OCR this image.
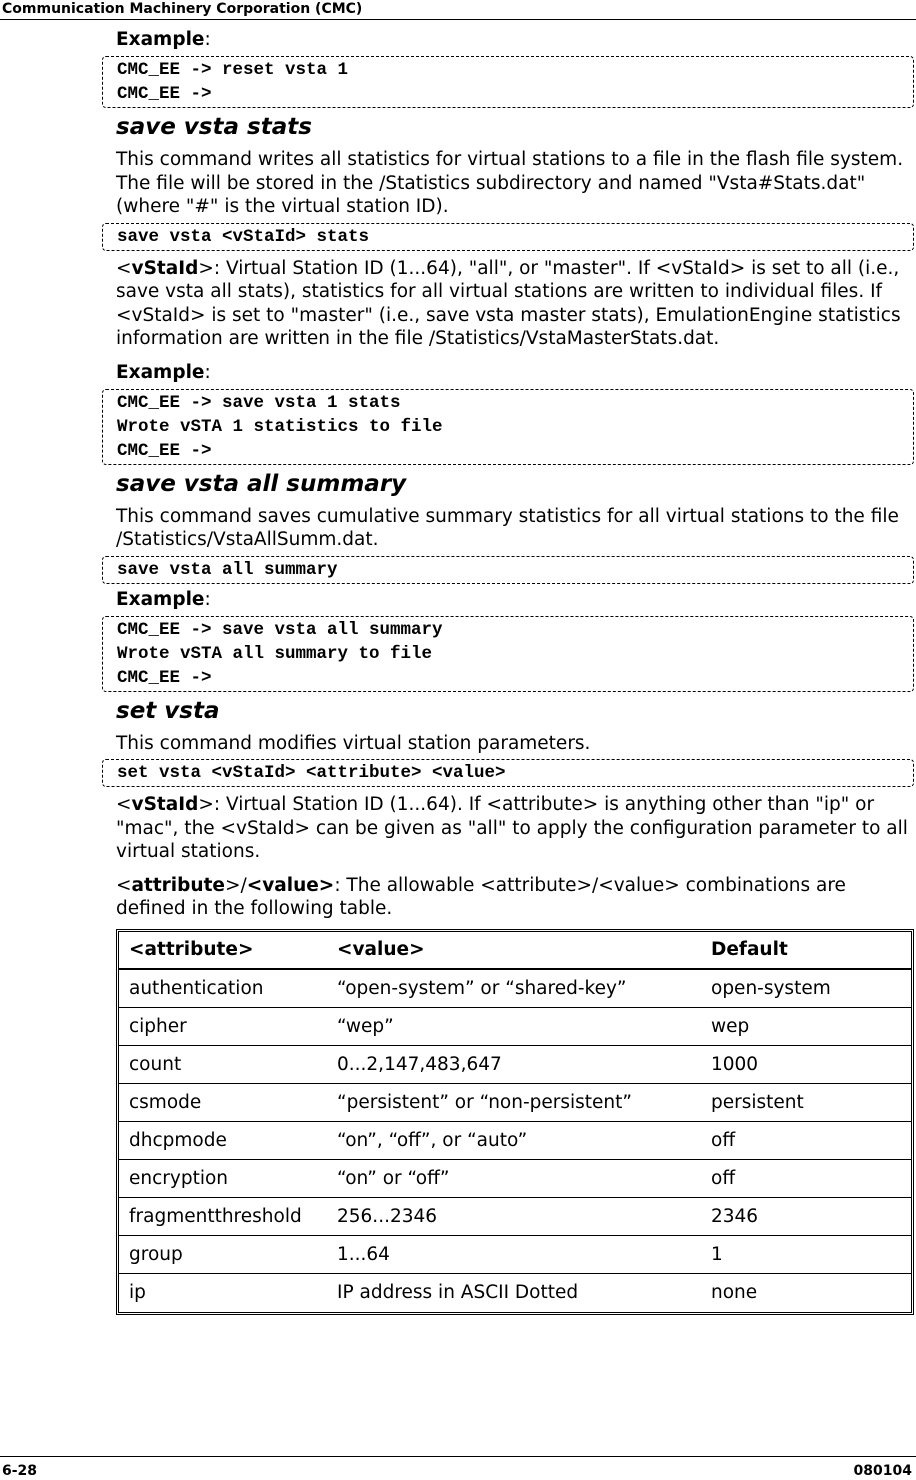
Communication Machinery Corporation (CMC)
Example:
CMC_EE -> reset vsta 1
CMC_EE ->
save vsta stats
This command writes all statistics for virtual stations to a file in the flash file system. The file will be stored in the /Statistics subdirectory and named "Vsta#Stats.dat" (where "#" is the virtual station ID).
save vsta <vStaId> stats
<vStaId>: Virtual Station ID (1...64), "all", or "master". If <vStaId> is set to all (i.e., save vsta all stats), statistics for all virtual stations are written to individual files. If <vStaId> is set to "master" (i.e., save vsta master stats), EmulationEngine statistics information are written in the file /Statistics/VstaMasterStats.dat.
Example:
CMC_EE -> save vsta 1 stats
Wrote vSTA 1 statistics to file
CMC_EE ->
save vsta all summary
This command saves cumulative summary statistics for all virtual stations to the file /Statistics/VstaAllSumm.dat.
save vsta all summary
Example:
CMC_EE -> save vsta all summary
Wrote vSTA all summary to file
CMC_EE ->
set vsta
This command modifies virtual station parameters.
set vsta <vStaId> <attribute> <value>
<vStaId>: Virtual Station ID (1...64). If <attribute> is anything other than "ip" or "mac", the <vStaId> can be given as "all" to apply the configuration parameter to all virtual stations.
<attribute>/<value>: The allowable <attribute>/<value> combinations are defined in the following table.
<attribute>	<value>	Default
authentication	“open-system” or “shared-key”	open-system
cipher	“wep”	wep
count	0...2,147,483,647	1000
csmode	“persistent” or “non-persistent”	persistent
dhcpmode	“on”, “off”, or “auto”	off
encryption	“on” or “off”	off
fragmentthreshold	256...2346	2346
group	1...64	1
ip	IP address in ASCII Dotted	none
6-28	080104
